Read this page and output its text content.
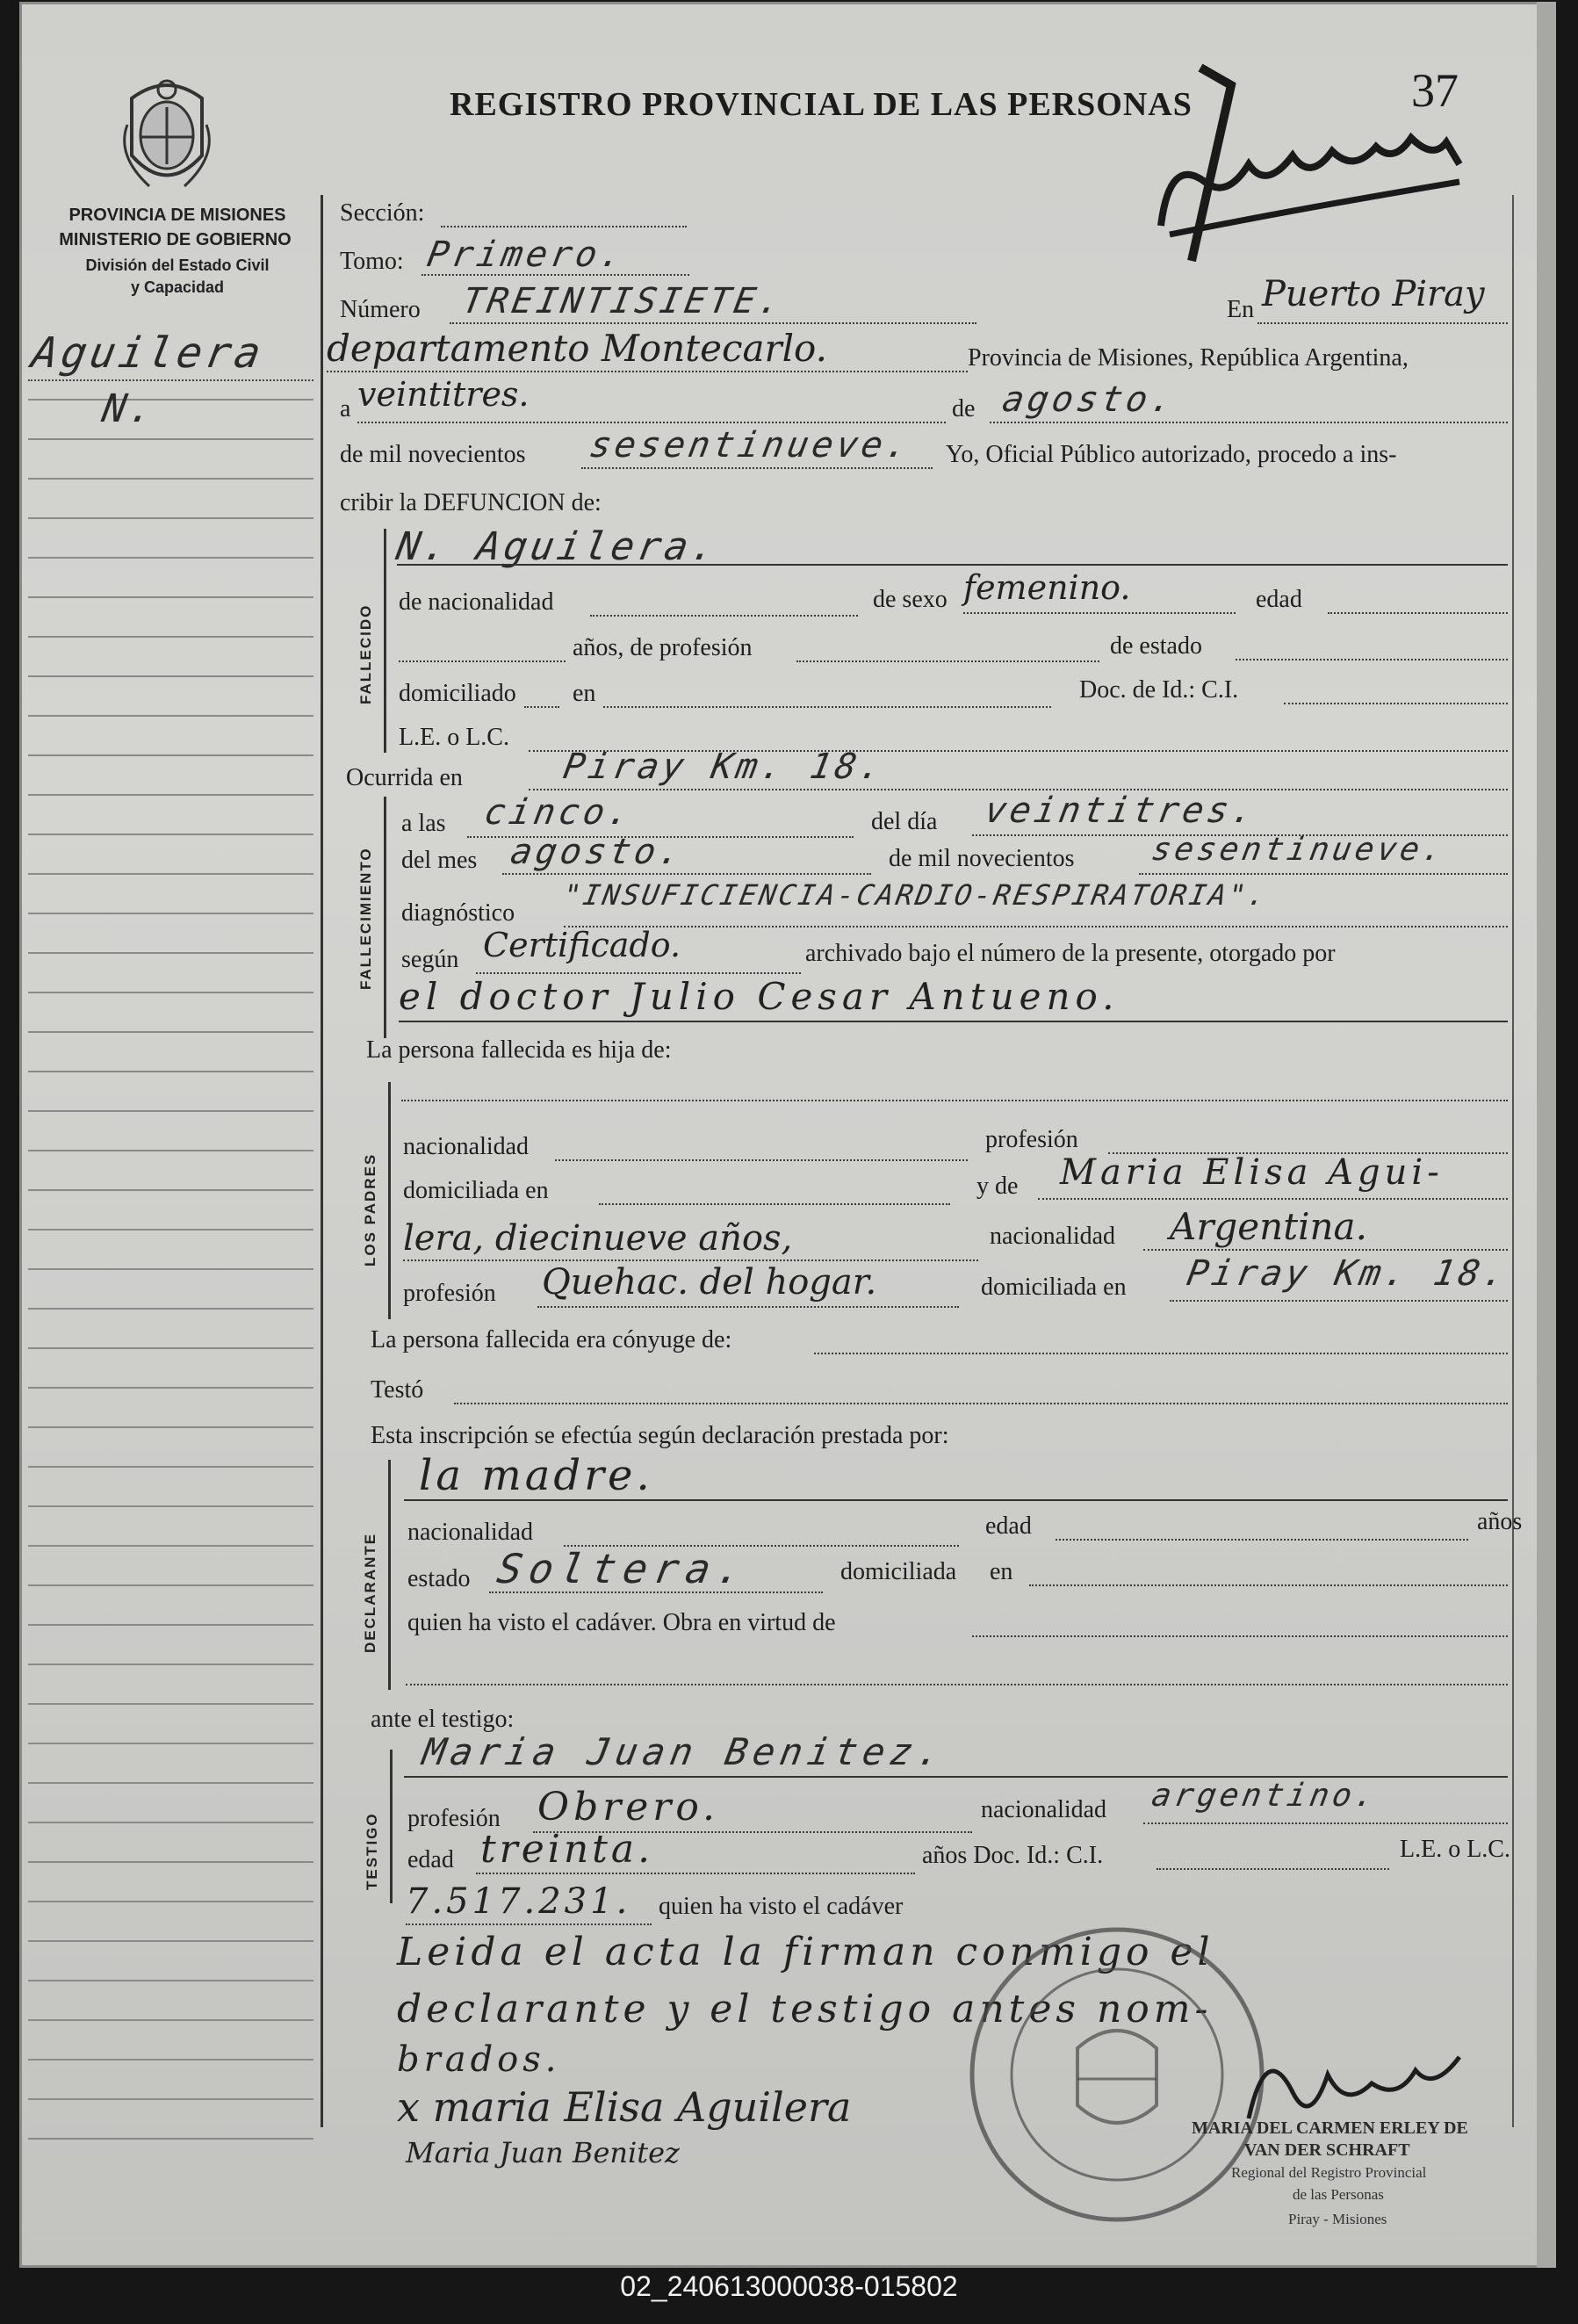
PROVINCIA DE MISIONES
MINISTERIO DE GOBIERNO
División del Estado Civil
y Capacidad
REGISTRO PROVINCIAL DE LAS PERSONAS	37
Aguilera
N.
Sección:
Tomo: Primero.
Número TREINTISIETE.	En Puerto Piray
departamento Montecarlo.	Provincia de Misiones, República Argentina,
a veintitres.	de agosto.
de mil novecientos sesentinueve. Yo, Oficial Público autorizado, procedo a ins-
cribir la DEFUNCION de:
FALLECIDO
N. Aguilera.
de nacionalidad	de sexo femenino.	edad
años, de profesión	de estado
domiciliado en	Doc. de Id.: C.I.
L.E. o L.C.
Ocurrida en	Piray Km. 18.
FALLECIMIENTO
a las cinco.	del día veintitres.
del mes agosto.	de mil novecientos sesentinueve.
diagnóstico
"INSUFICIENCIA-CARDIO-RESPIRATORIA".
según Certificado.	archivado bajo el número de la presente, otorgado por
el doctor Julio Cesar Antueno.
La persona fallecida es hija de:
LOS PADRES
nacionalidad	profesión
domiciliada en	y de Maria Elisa Agui-
lera, diecinueve años,	nacionalidad Argentina.
profesión Quehac. del hogar.	domiciliada en Piray Km. 18.
La persona fallecida era cónyuge de:
Testó
Esta inscripción se efectúa según declaración prestada por:
DECLARANTE
la madre.
nacionalidad	edad	años
estado Soltera.	domiciliada en
quien ha visto el cadáver. Obra en virtud de
ante el testigo:
TESTIGO
Maria Juan Benitez.
profesión Obrero.	nacionalidad argentino.
edad treinta.	años Doc. Id.: C.I.	L.E. o L.C.
7.517.231. quien ha visto el cadáver
Leida el acta la firman conmigo el
declarante y el testigo antes nom-
brados.
x maria Elisa Aguilera
Maria Juan Benitez
MARIA DEL CARMEN ERLEY DE
VAN DER SCHRAFT
Regional del Registro Provincial
de las Personas
Piray - Misiones
02_240613000038-015802
